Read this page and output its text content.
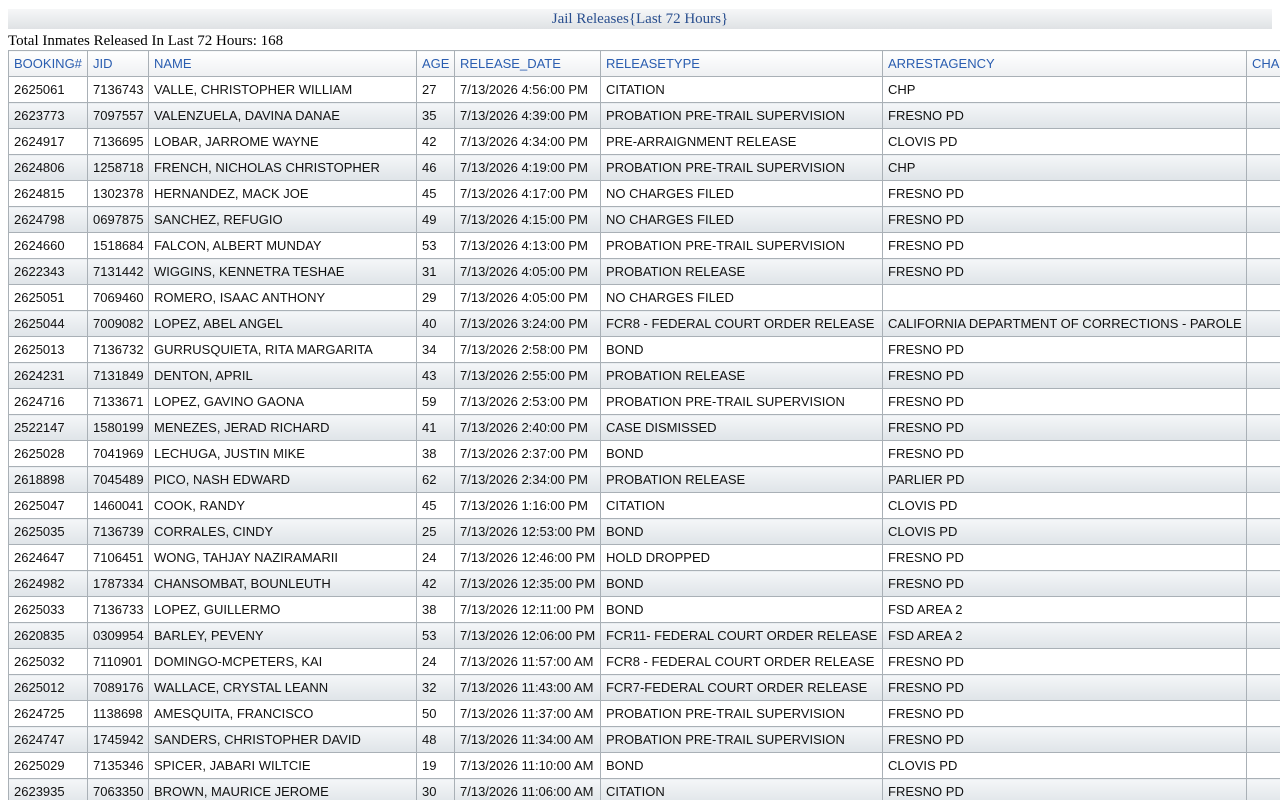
Jail Releases{Last 72 Hours}
Total Inmates Released In Last 72 Hours: 168
BOOKING#	JID	NAME	AGE	RELEASE_DATE	RELEASETYPE	ARRESTAGENCY	CHA
2625061	7136743	VALLE, CHRISTOPHER WILLIAM	27	7/13/2026 4:56:00 PM	CITATION	CHP	
2623773	7097557	VALENZUELA, DAVINA DANAE	35	7/13/2026 4:39:00 PM	PROBATION PRE-TRAIL SUPERVISION	FRESNO PD	
2624917	7136695	LOBAR, JARROME WAYNE	42	7/13/2026 4:34:00 PM	PRE-ARRAIGNMENT RELEASE	CLOVIS PD	
2624806	1258718	FRENCH, NICHOLAS CHRISTOPHER	46	7/13/2026 4:19:00 PM	PROBATION PRE-TRAIL SUPERVISION	CHP	
2624815	1302378	HERNANDEZ, MACK JOE	45	7/13/2026 4:17:00 PM	NO CHARGES FILED	FRESNO PD	
2624798	0697875	SANCHEZ, REFUGIO	49	7/13/2026 4:15:00 PM	NO CHARGES FILED	FRESNO PD	
2624660	1518684	FALCON, ALBERT MUNDAY	53	7/13/2026 4:13:00 PM	PROBATION PRE-TRAIL SUPERVISION	FRESNO PD	
2622343	7131442	WIGGINS, KENNETRA TESHAE	31	7/13/2026 4:05:00 PM	PROBATION RELEASE	FRESNO PD	
2625051	7069460	ROMERO, ISAAC ANTHONY	29	7/13/2026 4:05:00 PM	NO CHARGES FILED		
2625044	7009082	LOPEZ, ABEL ANGEL	40	7/13/2026 3:24:00 PM	FCR8 - FEDERAL COURT ORDER RELEASE	CALIFORNIA DEPARTMENT OF CORRECTIONS - PAROLE	
2625013	7136732	GURRUSQUIETA, RITA MARGARITA	34	7/13/2026 2:58:00 PM	BOND	FRESNO PD	
2624231	7131849	DENTON, APRIL	43	7/13/2026 2:55:00 PM	PROBATION RELEASE	FRESNO PD	
2624716	7133671	LOPEZ, GAVINO GAONA	59	7/13/2026 2:53:00 PM	PROBATION PRE-TRAIL SUPERVISION	FRESNO PD	
2522147	1580199	MENEZES, JERAD RICHARD	41	7/13/2026 2:40:00 PM	CASE DISMISSED	FRESNO PD	
2625028	7041969	LECHUGA, JUSTIN MIKE	38	7/13/2026 2:37:00 PM	BOND	FRESNO PD	
2618898	7045489	PICO, NASH EDWARD	62	7/13/2026 2:34:00 PM	PROBATION RELEASE	PARLIER PD	
2625047	1460041	COOK, RANDY	45	7/13/2026 1:16:00 PM	CITATION	CLOVIS PD	
2625035	7136739	CORRALES, CINDY	25	7/13/2026 12:53:00 PM	BOND	CLOVIS PD	
2624647	7106451	WONG, TAHJAY NAZIRAMARII	24	7/13/2026 12:46:00 PM	HOLD DROPPED	FRESNO PD	
2624982	1787334	CHANSOMBAT, BOUNLEUTH	42	7/13/2026 12:35:00 PM	BOND	FRESNO PD	
2625033	7136733	LOPEZ, GUILLERMO	38	7/13/2026 12:11:00 PM	BOND	FSD AREA 2	
2620835	0309954	BARLEY, PEVENY	53	7/13/2026 12:06:00 PM	FCR11- FEDERAL COURT ORDER RELEASE	FSD AREA 2	
2625032	7110901	DOMINGO-MCPETERS, KAI	24	7/13/2026 11:57:00 AM	FCR8 - FEDERAL COURT ORDER RELEASE	FRESNO PD	
2625012	7089176	WALLACE, CRYSTAL LEANN	32	7/13/2026 11:43:00 AM	FCR7-FEDERAL COURT ORDER RELEASE	FRESNO PD	
2624725	1138698	AMESQUITA, FRANCISCO	50	7/13/2026 11:37:00 AM	PROBATION PRE-TRAIL SUPERVISION	FRESNO PD	
2624747	1745942	SANDERS, CHRISTOPHER DAVID	48	7/13/2026 11:34:00 AM	PROBATION PRE-TRAIL SUPERVISION	FRESNO PD	
2625029	7135346	SPICER, JABARI WILTCIE	19	7/13/2026 11:10:00 AM	BOND	CLOVIS PD	
2623935	7063350	BROWN, MAURICE JEROME	30	7/13/2026 11:06:00 AM	CITATION	FRESNO PD	
